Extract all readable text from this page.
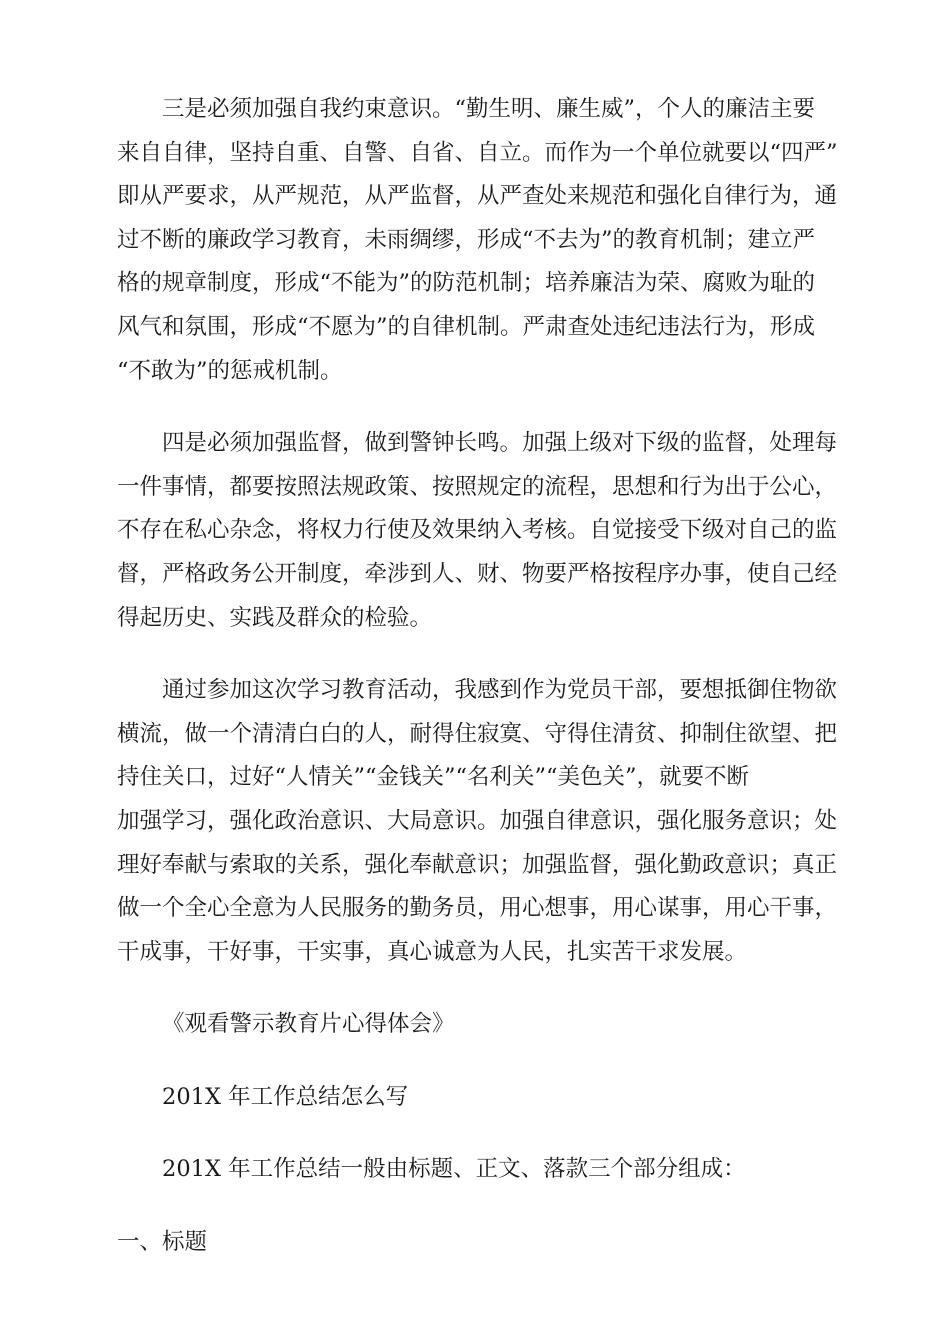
三是必须加强自我约束意识。“勤生明、廉生威”，个人的廉洁主要
来自自律，坚持自重、自警、自省、自立。而作为一个单位就要以“四严”
即从严要求，从严规范，从严监督，从严查处来规范和强化自律行为，通
过不断的廉政学习教育，未雨绸缪，形成“不去为”的教育机制；建立严
格的规章制度，形成“不能为”的防范机制；培养廉洁为荣、腐败为耻的
风气和氛围，形成“不愿为”的自律机制。严肃查处违纪违法行为，形成
“不敢为”的惩戒机制。

四是必须加强监督，做到警钟长鸣。加强上级对下级的监督，处理每
一件事情，都要按照法规政策、按照规定的流程，思想和行为出于公心，
不存在私心杂念，将权力行使及效果纳入考核。自觉接受下级对自己的监
督，严格政务公开制度，牵涉到人、财、物要严格按程序办事，使自己经
得起历史、实践及群众的检验。

通过参加这次学习教育活动，我感到作为党员干部，要想抵御住物欲
横流，做一个清清白白的人，耐得住寂寞、守得住清贫、抑制住欲望、把
持住关口，过好“人情关”“金钱关”“名利关”“美色关”，就要不断
加强学习，强化政治意识、大局意识。加强自律意识，强化服务意识；处
理好奉献与索取的关系，强化奉献意识；加强监督，强化勤政意识；真正
做一个全心全意为人民服务的勤务员，用心想事，用心谋事，用心干事，
干成事，干好事，干实事，真心诚意为人民，扎实苦干求发展。

《观看警示教育片心得体会》

201X 年工作总结怎么写

201X 年工作总结一般由标题、正文、落款三个部分组成：

一、标题
